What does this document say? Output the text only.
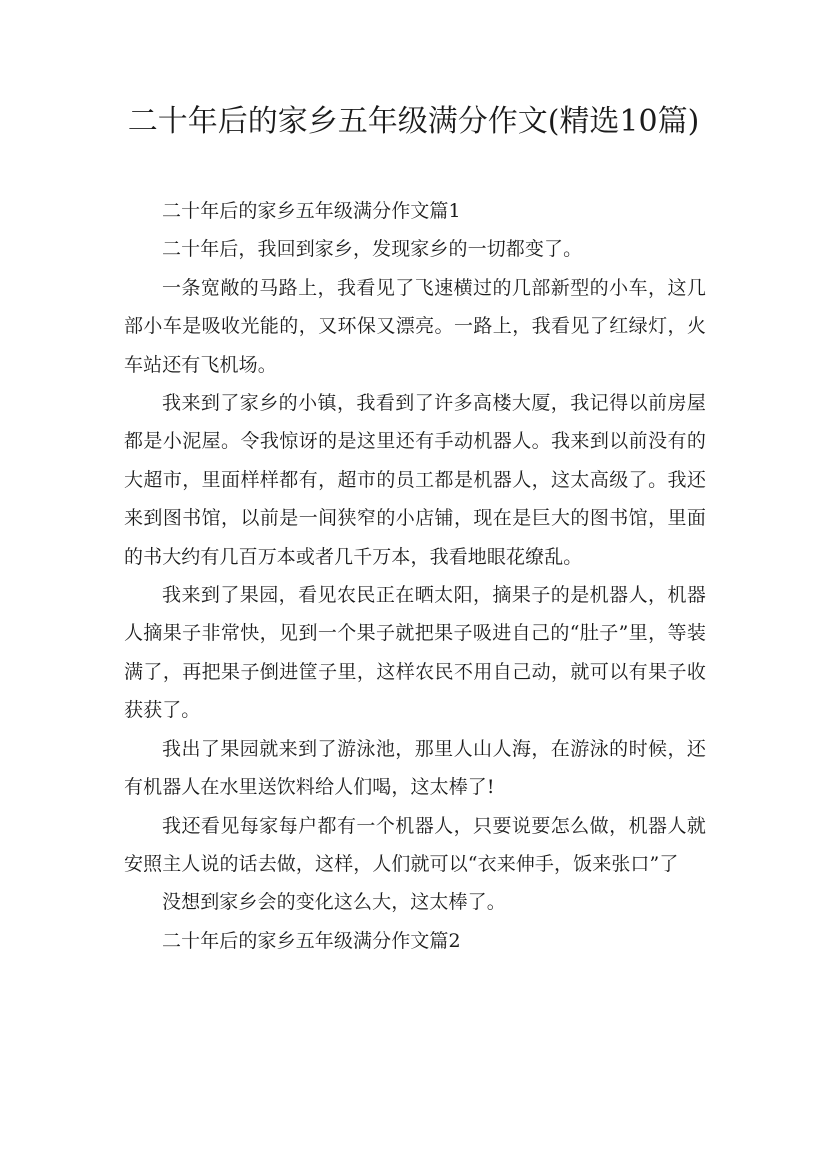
二十年后的家乡五年级满分作文(精选10篇)

二十年后的家乡五年级满分作文篇1

二十年后，我回到家乡，发现家乡的一切都变了。

一条宽敞的马路上，我看见了飞速横过的几部新型的小车，这几部小车是吸收光能的，又环保又漂亮。一路上，我看见了红绿灯，火车站还有飞机场。

我来到了家乡的小镇，我看到了许多高楼大厦，我记得以前房屋都是小泥屋。令我惊讶的是这里还有手动机器人。我来到以前没有的大超市，里面样样都有，超市的员工都是机器人，这太高级了。我还来到图书馆，以前是一间狭窄的小店铺，现在是巨大的图书馆，里面的书大约有几百万本或者几千万本，我看地眼花缭乱。

我来到了果园，看见农民正在晒太阳，摘果子的是机器人，机器人摘果子非常快，见到一个果子就把果子吸进自己的“肚子”里，等装满了，再把果子倒进筐子里，这样农民不用自己动，就可以有果子收获获了。

我出了果园就来到了游泳池，那里人山人海，在游泳的时候，还有机器人在水里送饮料给人们喝，这太棒了!

我还看见每家每户都有一个机器人，只要说要怎么做，机器人就安照主人说的话去做，这样，人们就可以“衣来伸手，饭来张口”了

没想到家乡会的变化这么大，这太棒了。

二十年后的家乡五年级满分作文篇2
